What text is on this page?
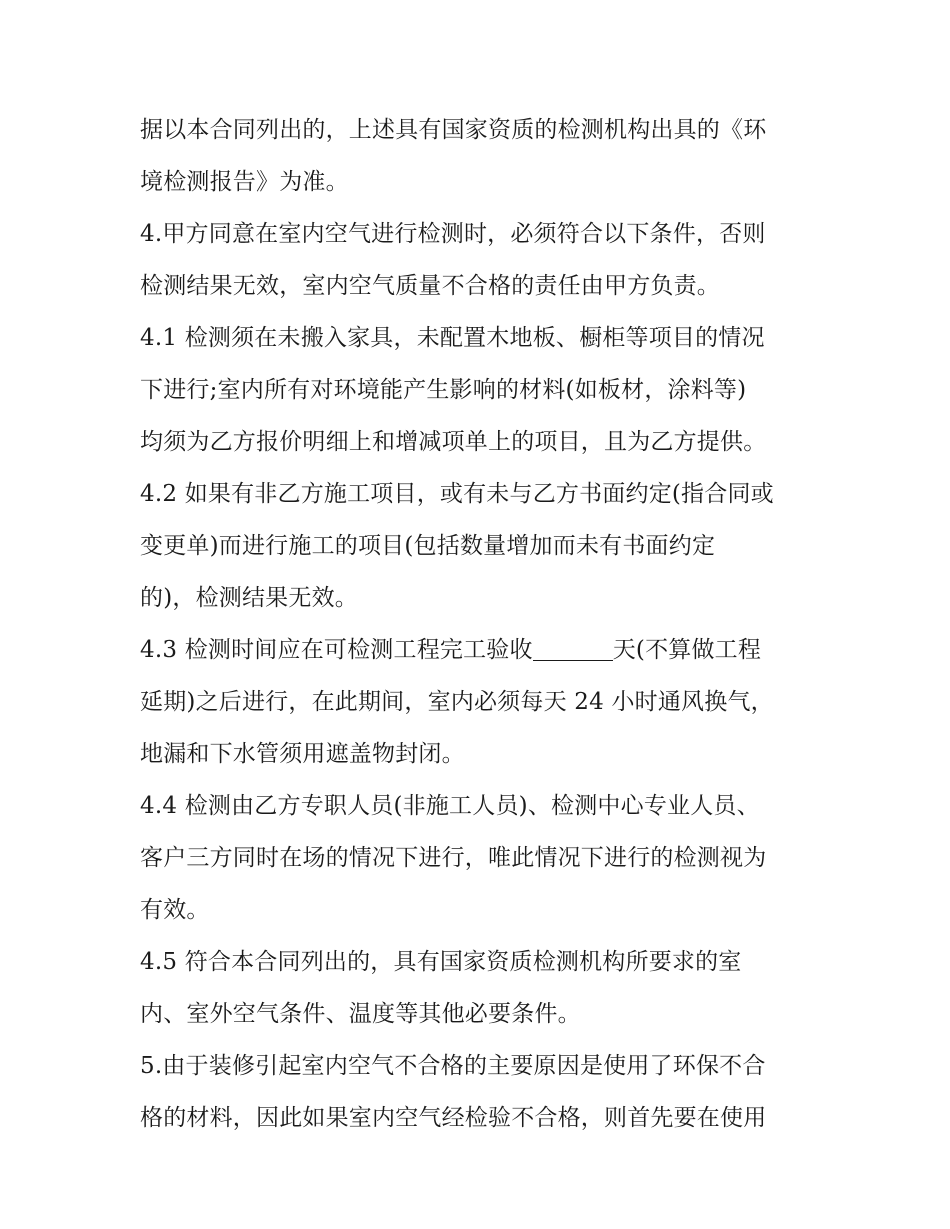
据以本合同列出的，上述具有国家资质的检测机构出具的《环
境检测报告》为准。
4.甲方同意在室内空气进行检测时，必须符合以下条件，否则
检测结果无效，室内空气质量不合格的责任由甲方负责。
4.1 检测须在未搬入家具，未配置木地板、橱柜等项目的情况
下进行;室内所有对环境能产生影响的材料(如板材，涂料等)
均须为乙方报价明细上和增减项单上的项目，且为乙方提供。
4.2 如果有非乙方施工项目，或有未与乙方书面约定(指合同或
变更单)而进行施工的项目(包括数量增加而未有书面约定
的)，检测结果无效。
4.3 检测时间应在可检测工程完工验收	天(不算做工程
延期)之后进行，在此期间，室内必须每天 24 小时通风换气，
地漏和下水管须用遮盖物封闭。
4.4 检测由乙方专职人员(非施工人员)、检测中心专业人员、
客户三方同时在场的情况下进行，唯此情况下进行的检测视为
有效。
4.5 符合本合同列出的，具有国家资质检测机构所要求的室
内、室外空气条件、温度等其他必要条件。
5.由于装修引起室内空气不合格的主要原因是使用了环保不合
格的材料，因此如果室内空气经检验不合格，则首先要在使用
